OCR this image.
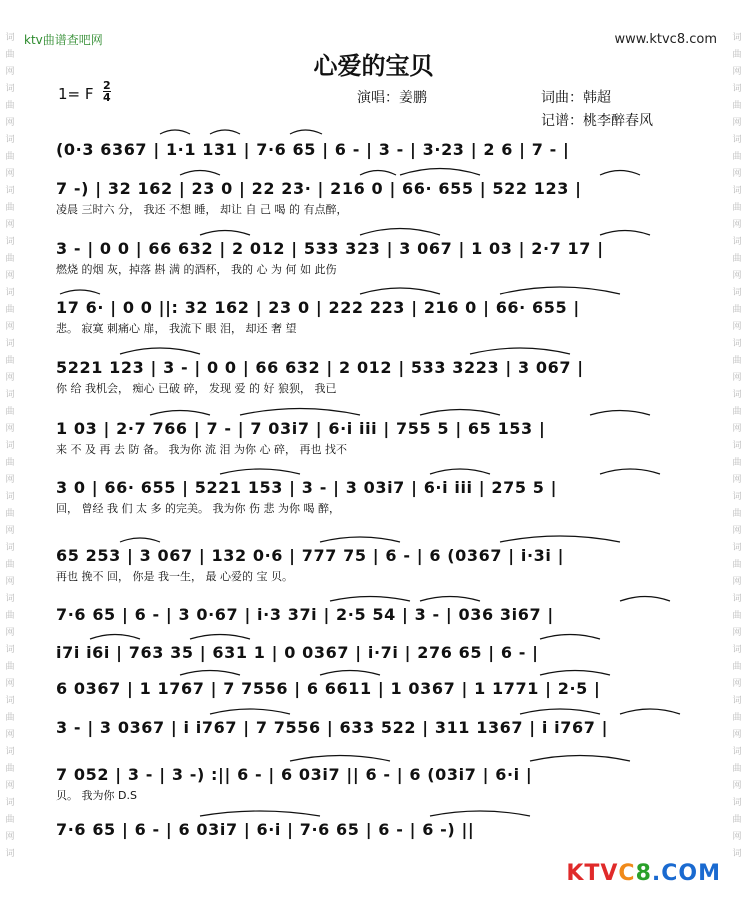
词
曲
网
词
曲
网
词
曲
网
词
曲
网
词
曲
网
词
曲
网
词
曲
网
词
曲
网
词
曲
网
词
曲
网
词
曲
网
词
曲
网
词
曲
网
词
曲
网
词
曲
网
词
曲
网
词
词
曲
网
词
曲
网
词
曲
网
词
曲
网
词
曲
网
词
曲
网
词
曲
网
词
曲
网
词
曲
网
词
曲
网
词
曲
网
词
曲
网
词
曲
网
词
曲
网
词
曲
网
词
曲
网
词
ktv曲谱查吧网	www.ktvc8.com
心爱的宝贝
1= F 2
4	演唱：姜鹏	词曲：韩超
记谱：桃李醉春风
(0·3 6367 | 1·1 131 | 7·6 65 | 6 - | 3 - | 3·23 | 2 6 | 7 - |
7 -) | 32 162 | 23 0 | 22 23· | 216 0 | 66· 655 | 522 123 |
凌晨 三时六 分， 我还 不想 睡， 却让 自 己 喝 的 有点醉，
3 - | 0 0 | 66 632 | 2 012 | 533 323 | 3 067 | 1 03 | 2·7 17 |
燃烧 的烟 灰，掉落 斟 满 的酒杯， 我的 心 为 何 如 此伤
17 6· | 0 0 ||: 32 162 | 23 0 | 222 223 | 216 0 | 66· 655 |
悲。 寂寞 刺痛心 扉， 我流下 眼 泪， 却还 奢 望
5221 123 | 3 - | 0 0 | 66 632 | 2 012 | 533 3223 | 3 067 |
你 给 我机会， 痴心 已破 碎， 发现 爱 的 好 狼狈， 我已
1 03 | 2·7 766 | 7 - | 7 03i7 | 6·i iii | 755 5 | 65 153 |
来 不 及 再 去 防 备。 我为你 流 泪 为你 心 碎， 再也 找不
3 0 | 66· 655 | 5221 153 | 3 - | 3 03i7 | 6·i iii | 275 5 |
回， 曾经 我 们 太 多 的完美。 我为你 伤 悲 为你 喝 醉，
65 253 | 3 067 | 132 0·6 | 777 75 | 6 - | 6 (0367 | i·3i |
再也 挽不 回， 你是 我一生， 最 心爱的 宝 贝。
7·6 65 | 6 - | 3 0·67 | i·3 37i | 2·5 54 | 3 - | 036 3i67 |
i7i i6i | 763 35 | 631 1 | 0 0367 | i·7i | 276 65 | 6 - |
6 0367 | 1 1767 | 7 7556 | 6 6611 | 1 0367 | 1 1771 | 2·5 |
3 - | 3 0367 | i i767 | 7 7556 | 633 522 | 311 1367 | i i767 |
7 052 | 3 - | 3 -) :|| 6 - | 6 03i7 || 6 - | 6 (03i7 | 6·i |
贝。 我为你 D.S
7·6 65 | 6 - | 6 03i7 | 6·i | 7·6 65 | 6 - | 6 -) ||
KTVC8.COM
